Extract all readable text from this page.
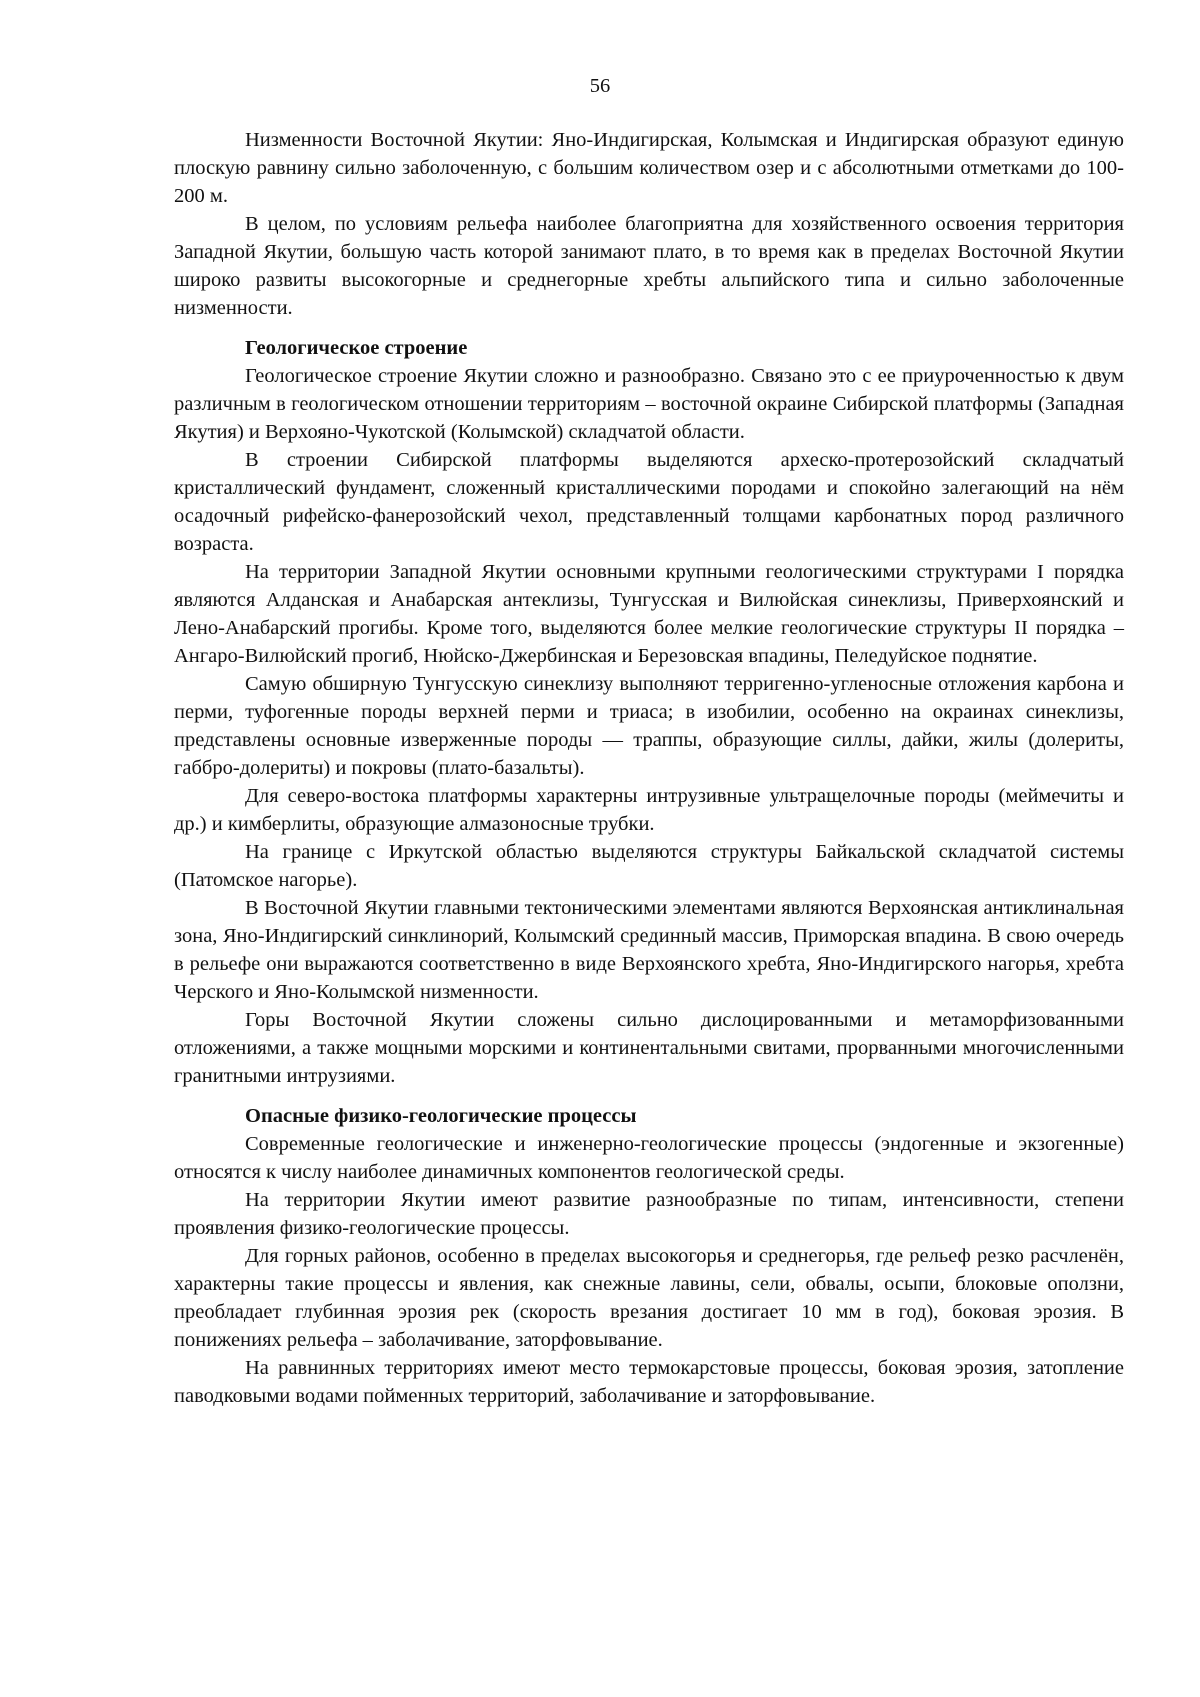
56

Низменности Восточной Якутии: Яно-Индигирская, Колымская и Индигирская образуют единую плоскую равнину сильно заболоченную, с большим количеством озер и с абсолютными отметками до 100-200 м.

В целом, по условиям рельефа наиболее благоприятна для хозяйственного освоения территория Западной Якутии, большую часть которой занимают плато, в то время как в пределах Восточной Якутии широко развиты высокогорные и среднегорные хребты альпийского типа и сильно заболоченные низменности.

Геологическое строение

Геологическое строение Якутии сложно и разнообразно. Связано это с ее приуроченностью к двум различным в геологическом отношении территориям – восточной окраине Сибирской платформы (Западная Якутия) и Верхояно-Чукотской (Колымской) складчатой области.

В строении Сибирской платформы выделяются археско-протерозойский складчатый кристаллический фундамент, сложенный кристаллическими породами и спокойно залегающий на нём осадочный рифейско-фанерозойский чехол, представленный толщами карбонатных пород различного возраста.

На территории Западной Якутии основными крупными геологическими структурами I порядка являются Алданская и Анабарская антеклизы, Тунгусская и Вилюйская синеклизы, Приверхоянский и Лено-Анабарский прогибы. Кроме того, выделяются более мелкие геологические структуры II порядка – Ангаро-Вилюйский прогиб, Нюйско-Джербинская и Березовская впадины, Пеледуйское поднятие.

Самую обширную Тунгусскую синеклизу выполняют терригенно-угленосные отложения карбона и перми, туфогенные породы верхней перми и триаса; в изобилии, особенно на окраинах синеклизы, представлены основные изверженные породы — траппы, образующие силлы, дайки, жилы (долериты, габбро-долериты) и покровы (плато-базальты).

Для северо-востока платформы характерны интрузивные ультращелочные породы (меймечиты и др.) и кимберлиты, образующие алмазоносные трубки.

На границе с Иркутской областью выделяются структуры Байкальской складчатой системы (Патомское нагорье).

В Восточной Якутии главными тектоническими элементами являются Верхоянская антиклинальная зона, Яно-Индигирский синклинорий, Колымский срединный массив, Приморская впадина. В свою очередь в рельефе они выражаются соответственно в виде Верхоянского хребта, Яно-Индигирского нагорья, хребта Черского и Яно-Колымской низменности.

Горы Восточной Якутии сложены сильно дислоцированными и метаморфизованными отложениями, а также мощными морскими и континентальными свитами, прорванными многочисленными гранитными интрузиями.

Опасные физико-геологические процессы

Современные геологические и инженерно-геологические процессы (эндогенные и экзогенные) относятся к числу наиболее динамичных компонентов геологической среды.

На территории Якутии имеют развитие разнообразные по типам, интенсивности, степени проявления физико-геологические процессы.

Для горных районов, особенно в пределах высокогорья и среднегорья, где рельеф резко расчленён, характерны такие процессы и явления, как снежные лавины, сели, обвалы, осыпи, блоковые оползни, преобладает глубинная эрозия рек (скорость врезания достигает 10 мм в год), боковая эрозия. В понижениях рельефа – заболачивание, заторфовывание.

На равнинных территориях имеют место термокарстовые процессы, боковая эрозия, затопление паводковыми водами пойменных территорий, заболачивание и заторфовывание.
